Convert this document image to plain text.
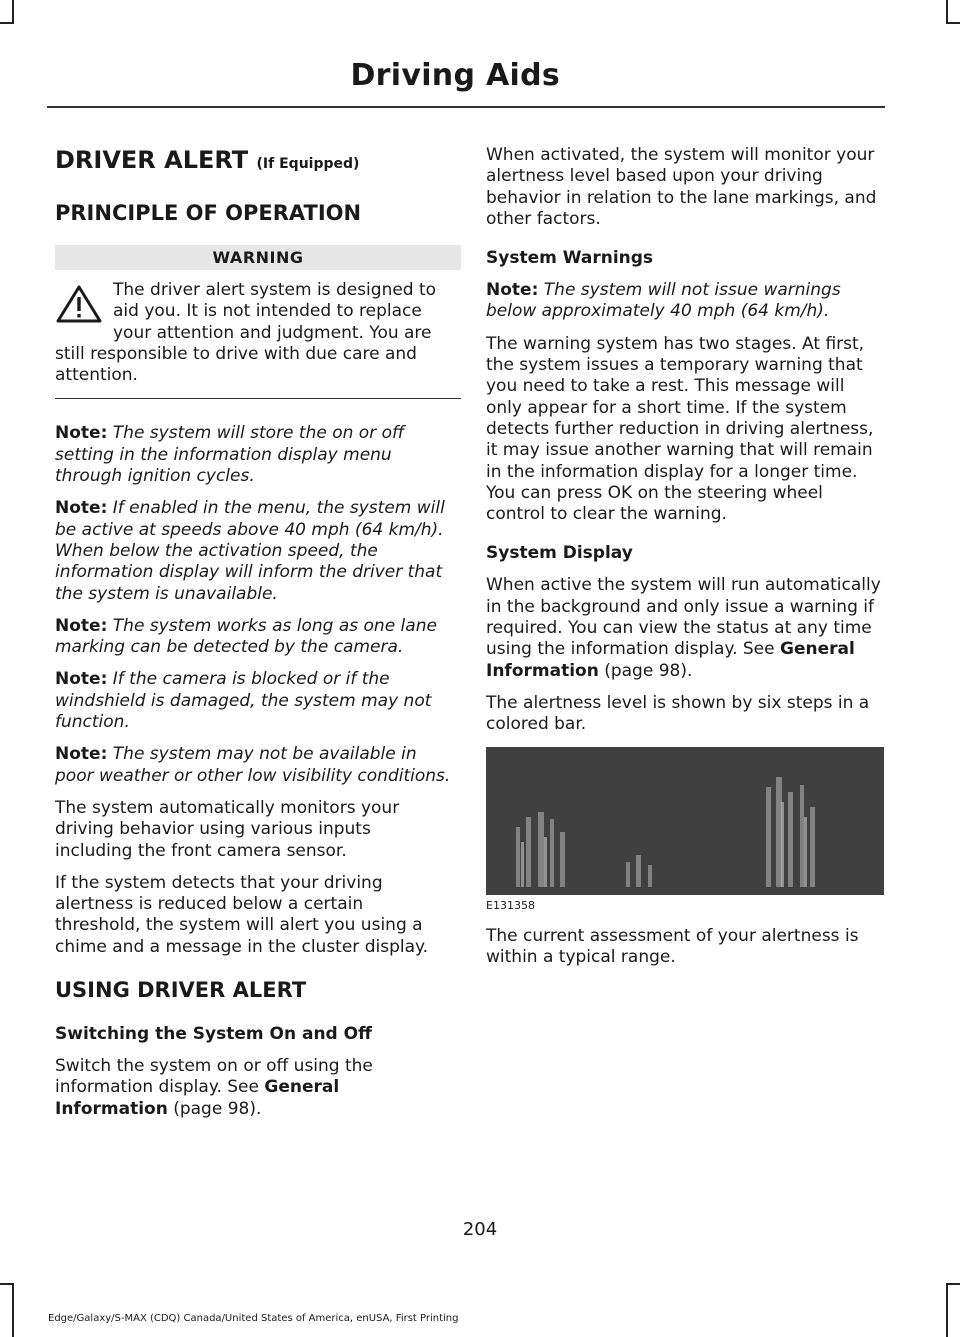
Driving Aids
DRIVER ALERT (If Equipped)
PRINCIPLE OF OPERATION
WARNING
The driver alert system is designed to aid you. It is not intended to replace your attention and judgment. You are still responsible to drive with due care and attention.

Note: The system will store the on or off setting in the information display menu through ignition cycles.

Note: If enabled in the menu, the system will be active at speeds above 40 mph (64 km/h). When below the activation speed, the information display will inform the driver that the system is unavailable.

Note: The system works as long as one lane marking can be detected by the camera.

Note: If the camera is blocked or if the windshield is damaged, the system may not function.

Note: The system may not be available in poor weather or other low visibility conditions.

The system automatically monitors your driving behavior using various inputs including the front camera sensor.

If the system detects that your driving alertness is reduced below a certain threshold, the system will alert you using a chime and a message in the cluster display.

USING DRIVER ALERT
Switching the System On and Off

Switch the system on or off using the information display. See General Information (page 98).

When activated, the system will monitor your alertness level based upon your driving behavior in relation to the lane markings, and other factors.

System Warnings

Note: The system will not issue warnings below approximately 40 mph (64 km/h).

The warning system has two stages. At first, the system issues a temporary warning that you need to take a rest. This message will only appear for a short time. If the system detects further reduction in driving alertness, it may issue another warning that will remain in the information display for a longer time. You can press OK on the steering wheel control to clear the warning.

System Display

When active the system will run automatically in the background and only issue a warning if required. You can view the status at any time using the information display. See General Information (page 98).

The alertness level is shown by six steps in a colored bar.

E131358

The current assessment of your alertness is within a typical range.

204
Edge/Galaxy/S-MAX (CDQ) Canada/United States of America, enUSA, First Printing
